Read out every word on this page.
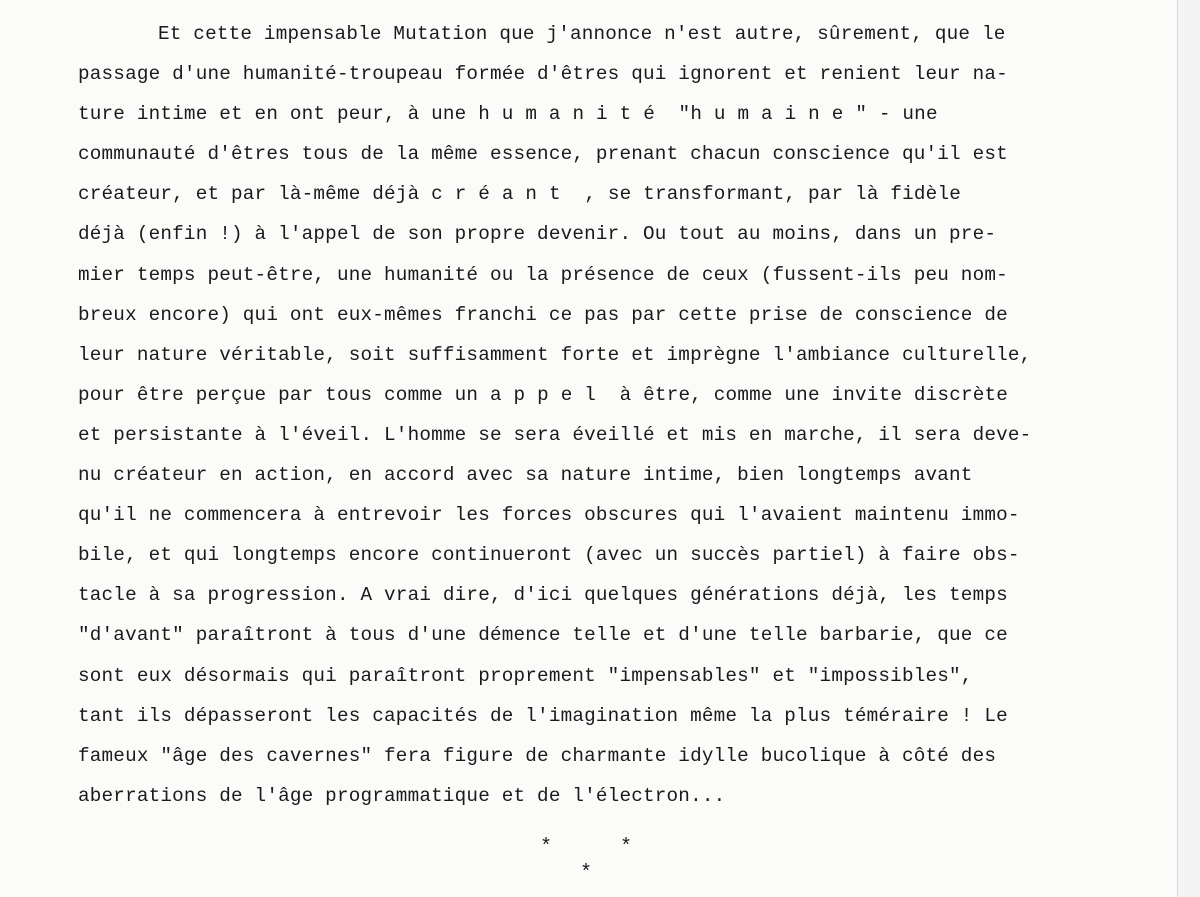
Et cette impensable Mutation que j'annonce n'est autre, sûrement, que le
passage d'une humanité-troupeau formée d'êtres qui ignorent et renient leur na-
ture intime et en ont peur, à une humanité "humaine" - une
communauté d'êtres tous de la même essence, prenant chacun conscience qu'il est
créateur, et par là-même déjà créant , se transformant, par là fidèle
déjà (enfin !) à l'appel de son propre devenir. Ou tout au moins, dans un pre-
mier temps peut-être, une humanité ou la présence de ceux (fussent-ils peu nom-
breux encore) qui ont eux-mêmes franchi ce pas par cette prise de conscience de
leur nature véritable, soit suffisamment forte et imprègne l'ambiance culturelle,
pour être perçue par tous comme un appel à être, comme une invite discrète
et persistante à l'éveil. L'homme se sera éveillé et mis en marche, il sera deve-
nu créateur en action, en accord avec sa nature intime, bien longtemps avant
qu'il ne commencera à entrevoir les forces obscures qui l'avaient maintenu immo-
bile, et qui longtemps encore continueront (avec un succès partiel) à faire obs-
tacle à sa progression. A vrai dire, d'ici quelques générations déjà, les temps
"d'avant" paraîtront à tous d'une démence telle et d'une telle barbarie, que ce
sont eux désormais qui paraîtront proprement "impensables" et "impossibles",
tant ils dépasseront les capacités de l'imagination même la plus téméraire ! Le
fameux "âge des cavernes" fera figure de charmante idylle bucolique à côté des
aberrations de l'âge programmatique et de l'électron...
*	*
*
